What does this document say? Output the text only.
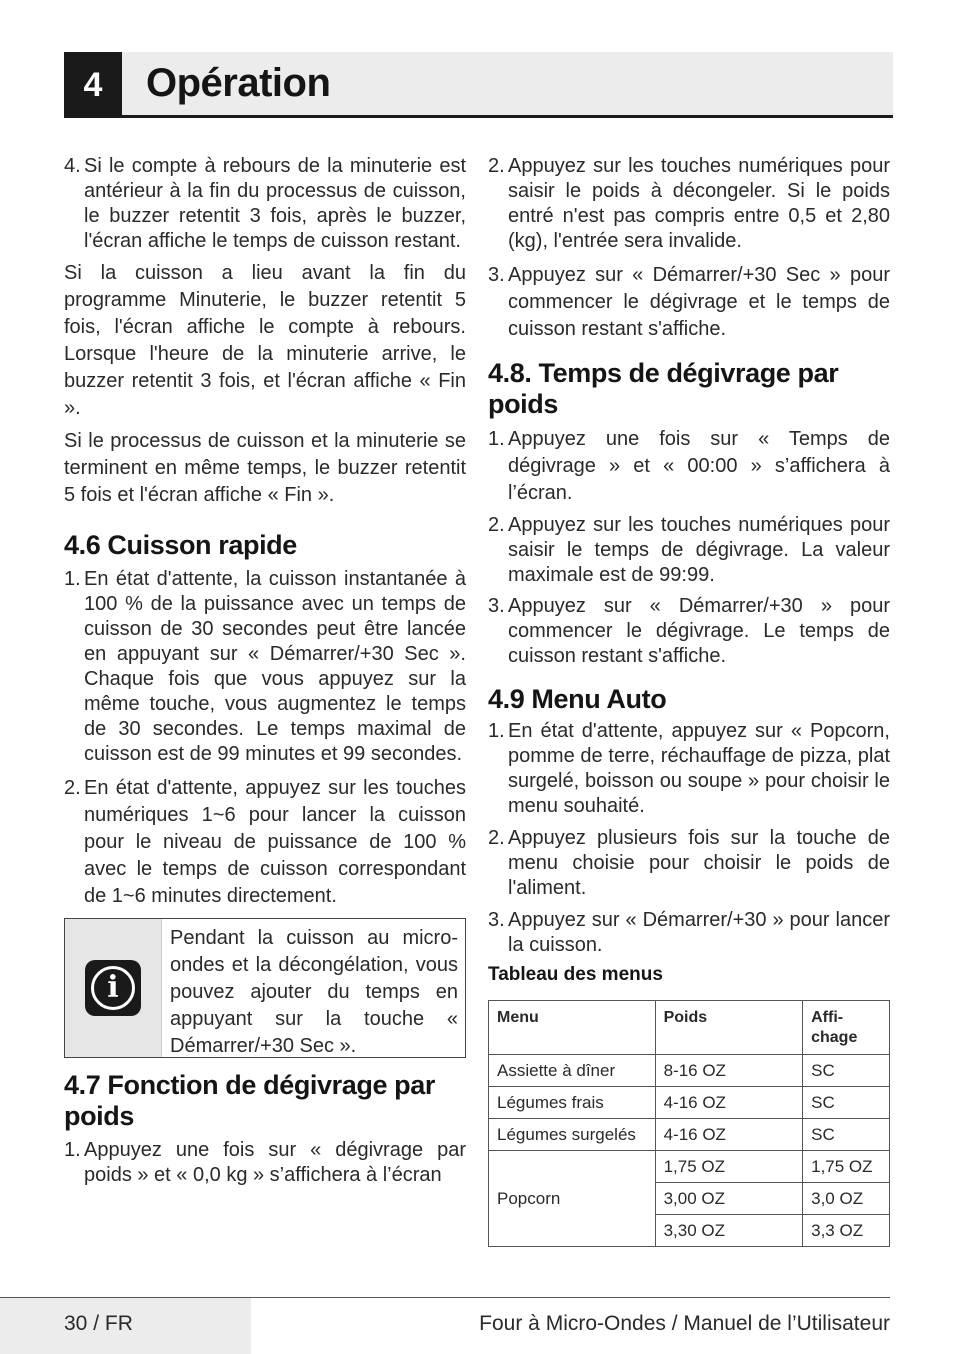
4	Opération
4. Si le compte à rebours de la minuterie est antérieur à la fin du processus de cuisson, le buzzer retentit 3 fois, après le buzzer, l'écran affiche le temps de cuisson restant.

Si la cuisson a lieu avant la fin du programme Minuterie, le buzzer retentit 5 fois, l'écran affiche le compte à rebours. Lorsque l'heure de la minuterie arrive, le buzzer retentit 3 fois, et l'écran affiche « Fin ».

Si le processus de cuisson et la minuterie se terminent en même temps, le buzzer retentit 5 fois et l'écran affiche « Fin ».

4.6 Cuisson rapide
1. En état d'attente, la cuisson instantanée à 100 % de la puissance avec un temps de cuisson de 30 secondes peut être lancée en appuyant sur « Démarrer/+30 Sec ». Chaque fois que vous appuyez sur la même touche, vous augmentez le temps de 30 secondes. Le temps maximal de cuisson est de 99 minutes et 99 secondes.
2. En état d'attente, appuyez sur les touches numériques 1~6 pour lancer la cuisson pour le niveau de puissance de 100 % avec le temps de cuisson correspondant de 1~6 minutes directement.
i
Pendant la cuisson au micro-ondes et la décongélation, vous pouvez ajouter du temps en appuyant sur la touche « Démarrer/+30 Sec ».
4.7 Fonction de dégivrage par poids
1. Appuyez une fois sur « dégivrage par poids » et « 0,0 kg » s’affichera à l’écran
2. Appuyez sur les touches numériques pour saisir le poids à décongeler. Si le poids entré n'est pas compris entre 0,5 et 2,80 (kg), l'entrée sera invalide.
3. Appuyez sur « Démarrer/+30 Sec » pour commencer le dégivrage et le temps de cuisson restant s'affiche.
4.8. Temps de dégivrage par poids
1. Appuyez une fois sur « Temps de dégivrage » et « 00:00 » s’affichera à l’écran.
2. Appuyez sur les touches numériques pour saisir le temps de dégivrage. La valeur maximale est de 99:99.
3. Appuyez sur « Démarrer/+30 » pour commencer le dégivrage. Le temps de cuisson restant s'affiche.
4.9 Menu Auto
1. En état d'attente, appuyez sur « Popcorn, pomme de terre, réchauffage de pizza, plat surgelé, boisson ou soupe » pour choisir le menu souhaité.
2. Appuyez plusieurs fois sur la touche de menu choisie pour choisir le poids de l'aliment.
3. Appuyez sur « Démarrer/+30 » pour lancer la cuisson.
Tableau des menus
Menu	Poids	Affi-
chage
Assiette à dîner	8-16 OZ	SC
Légumes frais	4-16 OZ	SC
Légumes surgelés	4-16 OZ	SC
Popcorn	1,75 OZ	1,75 OZ
	3,00 OZ	3,0 OZ
	3,30 OZ	3,3 OZ
30 / FR	Four à Micro-Ondes / Manuel de l’Utilisateur
